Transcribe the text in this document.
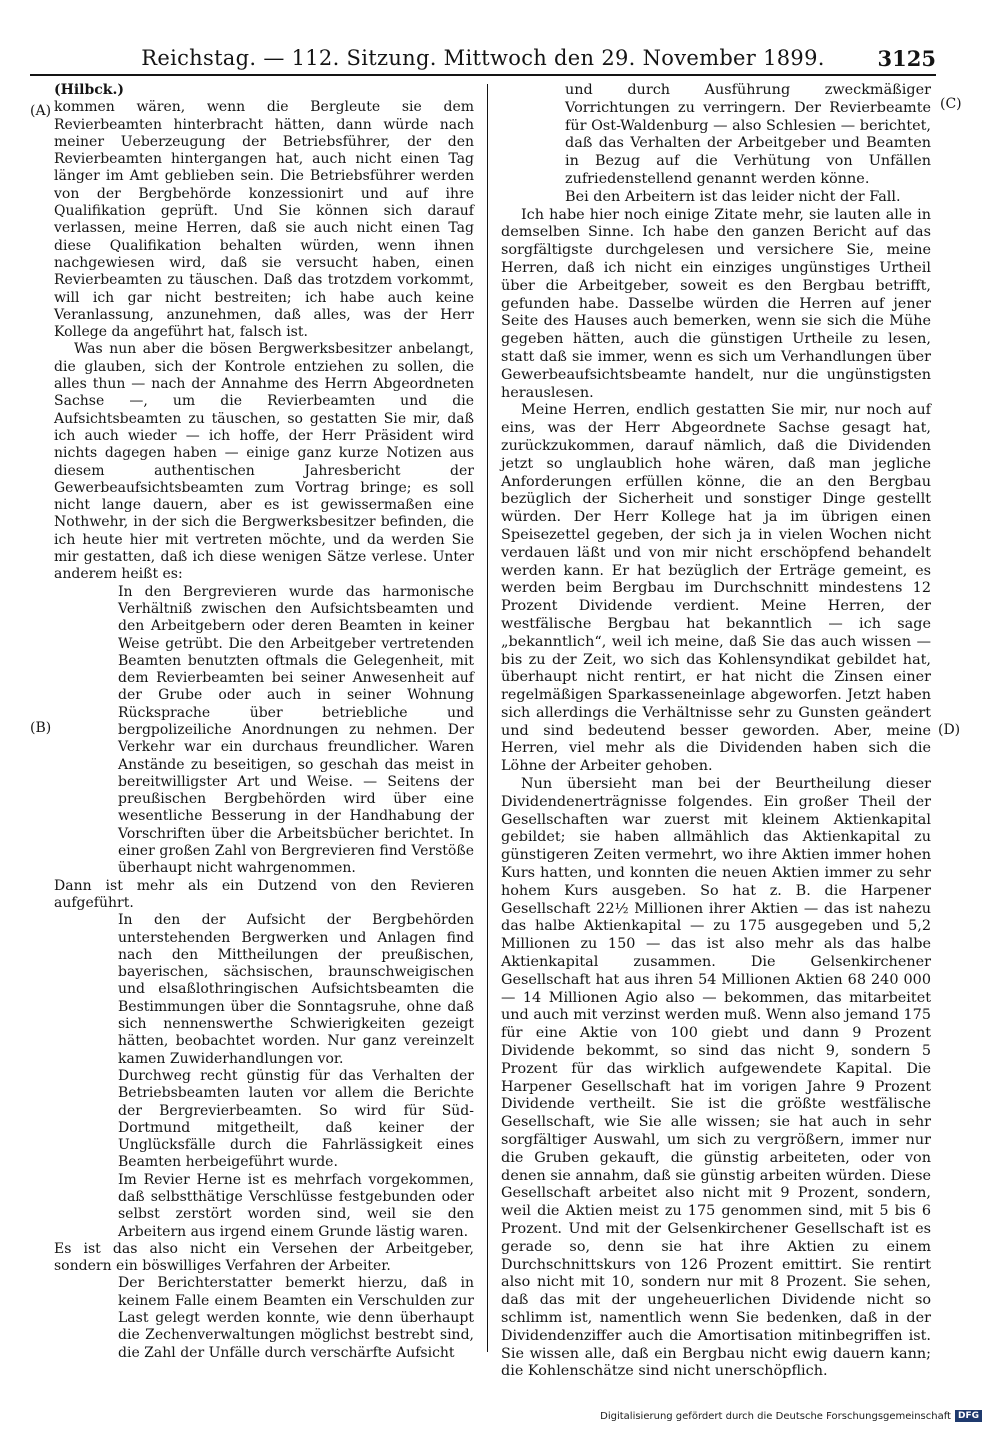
Reichstag. — 112. Sitzung. Mittwoch den 29. November 1899.	3125
(A)
(B)
(C)
(D)

(Hilbck.)

kommen wären, wenn die Bergleute sie dem Revierbeamten hinterbracht hätten, dann würde nach meiner Ueberzeugung der Betriebsführer, der den Revierbeamten hintergangen hat, auch nicht einen Tag länger im Amt geblieben sein. Die Betriebsführer werden von der Bergbehörde konzessionirt und auf ihre Qualifikation geprüft. Und Sie können sich darauf verlassen, meine Herren, daß sie auch nicht einen Tag diese Qualifikation behalten würden, wenn ihnen nachgewiesen wird, daß sie versucht haben, einen Revierbeamten zu täuschen. Daß das trotzdem vorkommt, will ich gar nicht bestreiten; ich habe auch keine Veranlassung, anzunehmen, daß alles, was der Herr Kollege da angeführt hat, falsch ist.

Was nun aber die bösen Bergwerksbesitzer anbelangt, die glauben, sich der Kontrole entziehen zu sollen, die alles thun — nach der Annahme des Herrn Abgeordneten Sachse —, um die Revierbeamten und die Aufsichtsbeamten zu täuschen, so gestatten Sie mir, daß ich auch wieder — ich hoffe, der Herr Präsident wird nichts dagegen haben — einige ganz kurze Notizen aus diesem authentischen Jahresbericht der Gewerbeaufsichtsbeamten zum Vortrag bringe; es soll nicht lange dauern, aber es ist gewissermaßen eine Nothwehr, in der sich die Bergwerksbesitzer befinden, die ich heute hier mit vertreten möchte, und da werden Sie mir gestatten, daß ich diese wenigen Sätze verlese. Unter anderem heißt es:

In den Bergrevieren wurde das harmonische Verhältniß zwischen den Aufsichtsbeamten und den Arbeitgebern oder deren Beamten in keiner Weise getrübt. Die den Arbeitgeber vertretenden Beamten benutzten oftmals die Gelegenheit, mit dem Revierbeamten bei seiner Anwesenheit auf der Grube oder auch in seiner Wohnung Rücksprache über betriebliche und bergpolizeiliche Anordnungen zu nehmen. Der Verkehr war ein durchaus freundlicher. Waren Anstände zu beseitigen, so geschah das meist in bereitwilligster Art und Weise. — Seitens der preußischen Bergbehörden wird über eine wesentliche Besserung in der Handhabung der Vorschriften über die Arbeitsbücher berichtet. In einer großen Zahl von Bergrevieren find Verstöße überhaupt nicht wahrgenommen.

Dann ist mehr als ein Dutzend von den Revieren aufgeführt.

In den der Aufsicht der Bergbehörden unterstehenden Bergwerken und Anlagen find nach den Mittheilungen der preußischen, bayerischen, sächsischen, braunschweigischen und elsaßlothringischen Aufsichtsbeamten die Bestimmungen über die Sonntagsruhe, ohne daß sich nennenswerthe Schwierigkeiten gezeigt hätten, beobachtet worden. Nur ganz vereinzelt kamen Zuwiderhandlungen vor.

Durchweg recht günstig für das Verhalten der Betriebsbeamten lauten vor allem die Berichte der Bergrevierbeamten. So wird für Süd-Dortmund mitgetheilt, daß keiner der Unglücksfälle durch die Fahrlässigkeit eines Beamten herbeigeführt wurde.

Im Revier Herne ist es mehrfach vorgekommen, daß selbstthätige Verschlüsse festgebunden oder selbst zerstört worden sind, weil sie den Arbeitern aus irgend einem Grunde lästig waren.

Es ist das also nicht ein Versehen der Arbeitgeber, sondern ein böswilliges Verfahren der Arbeiter.

Der Berichterstatter bemerkt hierzu, daß in keinem Falle einem Beamten ein Verschulden zur Last gelegt werden konnte, wie denn überhaupt die Zechenverwaltungen möglichst bestrebt sind, die Zahl der Unfälle durch verschärfte Aufsicht

und durch Ausführung zweckmäßiger Vorrichtungen zu verringern. Der Revierbeamte für Ost-Waldenburg — also Schlesien — berichtet, daß das Verhalten der Arbeitgeber und Beamten in Bezug auf die Verhütung von Unfällen zufriedenstellend genannt werden könne.

Bei den Arbeitern ist das leider nicht der Fall.

Ich habe hier noch einige Zitate mehr, sie lauten alle in demselben Sinne. Ich habe den ganzen Bericht auf das sorgfältigste durchgelesen und versichere Sie, meine Herren, daß ich nicht ein einziges ungünstiges Urtheil über die Arbeitgeber, soweit es den Bergbau betrifft, gefunden habe. Dasselbe würden die Herren auf jener Seite des Hauses auch bemerken, wenn sie sich die Mühe gegeben hätten, auch die günstigen Urtheile zu lesen, statt daß sie immer, wenn es sich um Verhandlungen über Gewerbeaufsichtsbeamte handelt, nur die ungünstigsten herauslesen.

Meine Herren, endlich gestatten Sie mir, nur noch auf eins, was der Herr Abgeordnete Sachse gesagt hat, zurückzukommen, darauf nämlich, daß die Dividenden jetzt so unglaublich hohe wären, daß man jegliche Anforderungen erfüllen könne, die an den Bergbau bezüglich der Sicherheit und sonstiger Dinge gestellt würden. Der Herr Kollege hat ja im übrigen einen Speisezettel gegeben, der sich ja in vielen Wochen nicht verdauen läßt und von mir nicht erschöpfend behandelt werden kann. Er hat bezüglich der Erträge gemeint, es werden beim Bergbau im Durchschnitt mindestens 12 Prozent Dividende verdient. Meine Herren, der westfälische Bergbau hat bekanntlich — ich sage „bekanntlich“, weil ich meine, daß Sie das auch wissen — bis zu der Zeit, wo sich das Kohlensyndikat gebildet hat, überhaupt nicht rentirt, er hat nicht die Zinsen einer regelmäßigen Sparkasseneinlage abgeworfen. Jetzt haben sich allerdings die Verhältnisse sehr zu Gunsten geändert und sind bedeutend besser geworden. Aber, meine Herren, viel mehr als die Dividenden haben sich die Löhne der Arbeiter gehoben.

Nun übersieht man bei der Beurtheilung dieser Dividendenerträgnisse folgendes. Ein großer Theil der Gesellschaften war zuerst mit kleinem Aktienkapital gebildet; sie haben allmählich das Aktienkapital zu günstigeren Zeiten vermehrt, wo ihre Aktien immer hohen Kurs hatten, und konnten die neuen Aktien immer zu sehr hohem Kurs ausgeben. So hat z. B. die Harpener Gesellschaft 22½ Millionen ihrer Aktien — das ist nahezu das halbe Aktienkapital — zu 175 ausgegeben und 5,2 Millionen zu 150 — das ist also mehr als das halbe Aktienkapital zusammen. Die Gelsenkirchener Gesellschaft hat aus ihren 54 Millionen Aktien 68 240 000 — 14 Millionen Agio also — bekommen, das mitarbeitet und auch mit verzinst werden muß. Wenn also jemand 175 für eine Aktie von 100 giebt und dann 9 Prozent Dividende bekommt, so sind das nicht 9, sondern 5 Prozent für das wirklich aufgewendete Kapital. Die Harpener Gesellschaft hat im vorigen Jahre 9 Prozent Dividende vertheilt. Sie ist die größte westfälische Gesellschaft, wie Sie alle wissen; sie hat auch in sehr sorgfältiger Auswahl, um sich zu vergrößern, immer nur die Gruben gekauft, die günstig arbeiteten, oder von denen sie annahm, daß sie günstig arbeiten würden. Diese Gesellschaft arbeitet also nicht mit 9 Prozent, sondern, weil die Aktien meist zu 175 genommen sind, mit 5 bis 6 Prozent. Und mit der Gelsenkirchener Gesellschaft ist es gerade so, denn sie hat ihre Aktien zu einem Durchschnittskurs von 126 Prozent emittirt. Sie rentirt also nicht mit 10, sondern nur mit 8 Prozent. Sie sehen, daß das mit der ungeheuerlichen Dividende nicht so schlimm ist, namentlich wenn Sie bedenken, daß in der Dividendenziffer auch die Amortisation mitinbegriffen ist. Sie wissen alle, daß ein Bergbau nicht ewig dauern kann; die Kohlenschätze sind nicht unerschöpflich.

Digitalisierung gefördert durch die Deutsche Forschungsgemeinschaft DFG
